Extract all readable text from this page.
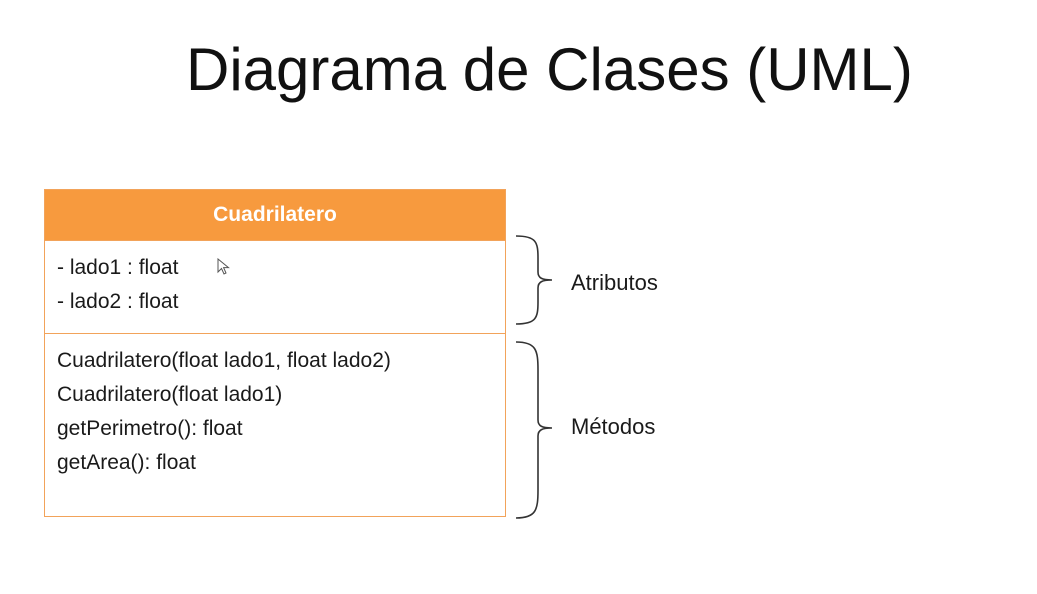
Diagrama de Clases (UML)
Cuadrilatero
- lado1 : float
- lado2 : float
Cuadrilatero(float lado1, float lado2)
Cuadrilatero(float lado1)
getPerimetro(): float
getArea(): float
Atributos
Métodos
